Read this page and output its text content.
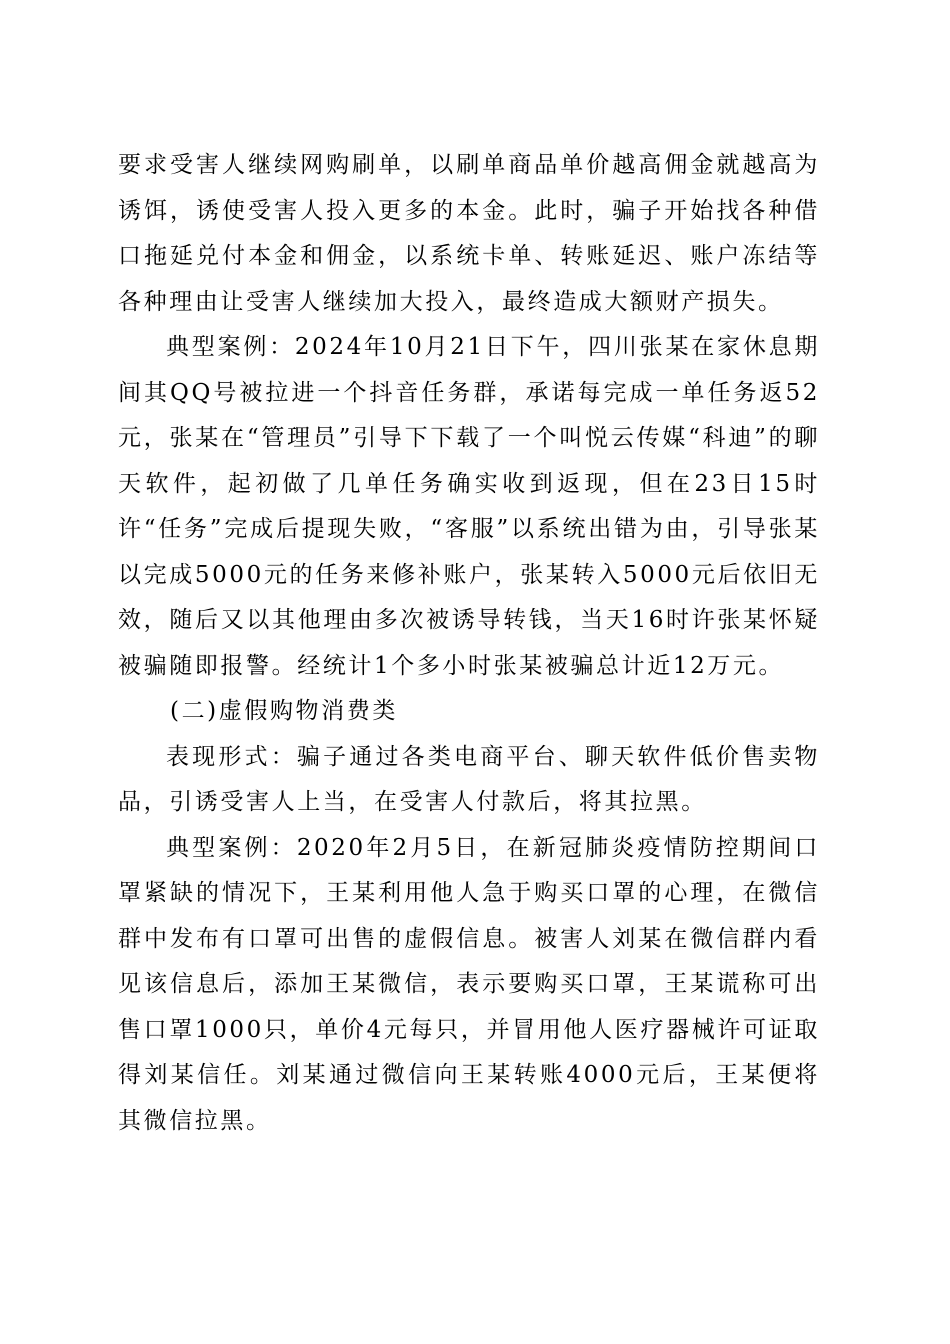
要求受害人继续网购刷单，以刷单商品单价越高佣金就越高为诱饵，诱使受害人投入更多的本金。此时，骗子开始找各种借口拖延兑付本金和佣金，以系统卡单、转账延迟、账户冻结等各种理由让受害人继续加大投入，最终造成大额财产损失。

典型案例：2024年10月21日下午，四川张某在家休息期间其QQ号被拉进一个抖音任务群，承诺每完成一单任务返52元，张某在“管理员”引导下下载了一个叫悦云传媒“科迪”的聊天软件，起初做了几单任务确实收到返现，但在23日15时许“任务”完成后提现失败，“客服”以系统出错为由，引导张某以完成5000元的任务来修补账户，张某转入5000元后依旧无效，随后又以其他理由多次被诱导转钱，当天16时许张某怀疑被骗随即报警。经统计1个多小时张某被骗总计近12万元。

(二)虚假购物消费类

表现形式：骗子通过各类电商平台、聊天软件低价售卖物品，引诱受害人上当，在受害人付款后，将其拉黑。

典型案例：2020年2月5日，在新冠肺炎疫情防控期间口罩紧缺的情况下，王某利用他人急于购买口罩的心理，在微信群中发布有口罩可出售的虚假信息。被害人刘某在微信群内看见该信息后，添加王某微信，表示要购买口罩，王某谎称可出售口罩1000只，单价4元每只，并冒用他人医疗器械许可证取得刘某信任。刘某通过微信向王某转账4000元后，王某便将其微信拉黑。
